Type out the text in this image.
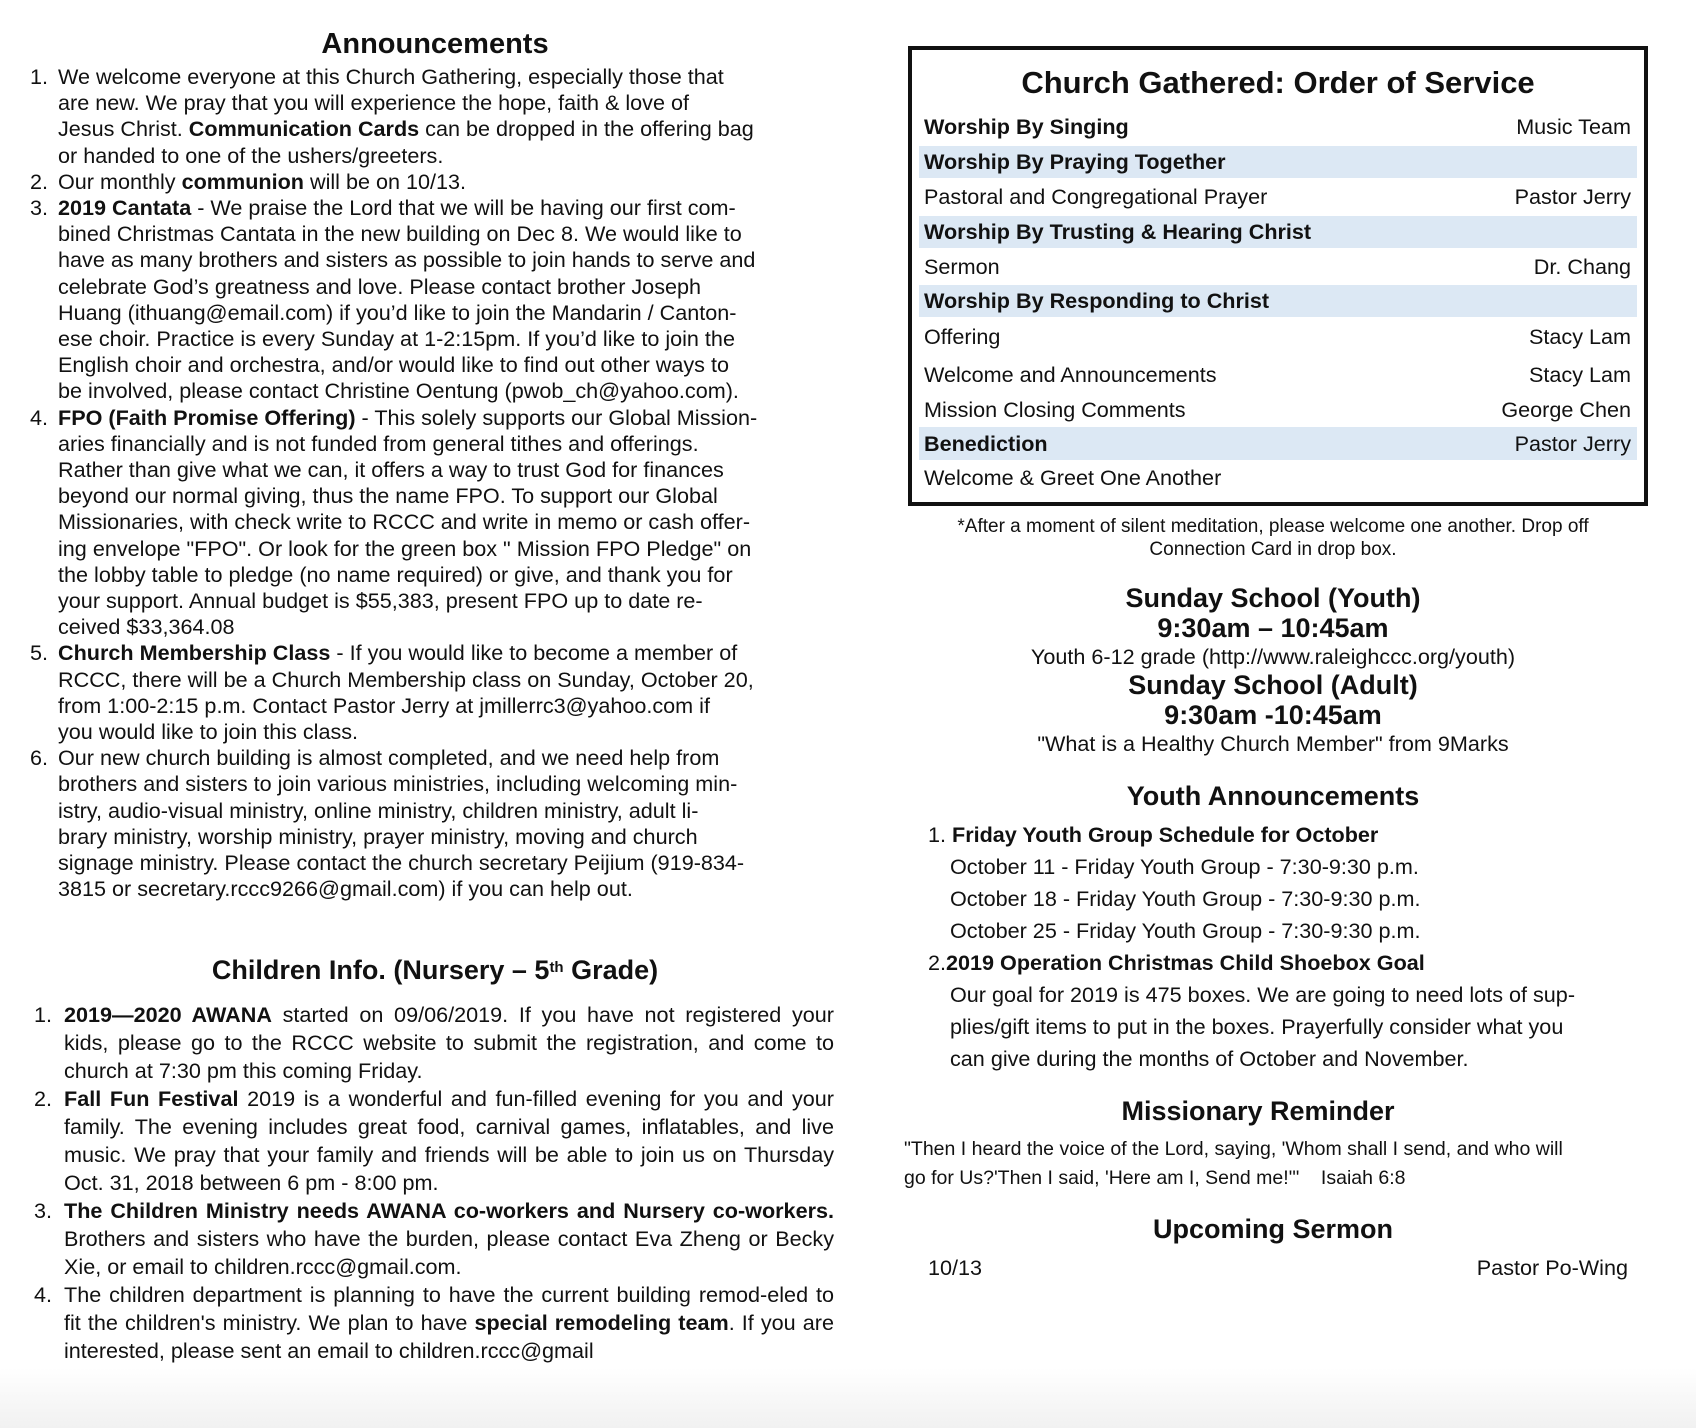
Announcements
1. We welcome everyone at this Church Gathering, especially those that
are new. We pray that you will experience the hope, faith & love of
Jesus Christ. Communication Cards can be dropped in the offering bag
or handed to one of the ushers/greeters.
2. Our monthly communion will be on 10/13.
3. 2019 Cantata - We praise the Lord that we will be having our first com-
bined Christmas Cantata in the new building on Dec 8. We would like to
have as many brothers and sisters as possible to join hands to serve and
celebrate God’s greatness and love. Please contact brother Joseph
Huang (ithuang@email.com) if you’d like to join the Mandarin / Canton-
ese choir. Practice is every Sunday at 1-2:15pm. If you’d like to join the
English choir and orchestra, and/or would like to find out other ways to
be involved, please contact Christine Oentung (pwob_ch@yahoo.com).
4. FPO (Faith Promise Offering) - This solely supports our Global Mission-
aries financially and is not funded from general tithes and offerings.
Rather than give what we can, it offers a way to trust God for finances
beyond our normal giving, thus the name FPO. To support our Global
Missionaries, with check write to RCCC and write in memo or cash offer-
ing envelope "FPO". Or look for the green box " Mission FPO Pledge" on
the lobby table to pledge (no name required) or give, and thank you for
your support. Annual budget is $55,383, present FPO up to date re-
ceived $33,364.08
5. Church Membership Class - If you would like to become a member of
RCCC, there will be a Church Membership class on Sunday, October 20,
from 1:00-2:15 p.m. Contact Pastor Jerry at jmillerrc3@yahoo.com if
you would like to join this class.
6. Our new church building is almost completed, and we need help from
brothers and sisters to join various ministries, including welcoming min-
istry, audio-visual ministry, online ministry, children ministry, adult li-
brary ministry, worship ministry, prayer ministry, moving and church
signage ministry. Please contact the church secretary Peijium (919-834-
3815 or secretary.rccc9266@gmail.com) if you can help out.
Children Info. (Nursery – 5th Grade)
1. 2019—2020 AWANA started on 09/06/2019. If you have not registered your kids, please go to the RCCC website to submit the registration, and come to church at 7:30 pm this coming Friday.
2. Fall Fun Festival 2019 is a wonderful and fun-filled evening for you and your family. The evening includes great food, carnival games, inflatables, and live music. We pray that your family and friends will be able to join us on Thursday Oct. 31, 2018 between 6 pm - 8:00 pm.
3. The Children Ministry needs AWANA co-workers and Nursery co-workers. Brothers and sisters who have the burden, please contact Eva Zheng or Becky Xie, or email to children.rccc@gmail.com.
4. The children department is planning to have the current building remod-eled to fit the children's ministry. We plan to have special remodeling team. If you are interested, please sent an email to children.rccc@gmail
Church Gathered: Order of Service
Worship By Singing	Music Team
Worship By Praying Together
Pastoral and Congregational Prayer	Pastor Jerry
Worship By Trusting & Hearing Christ
Sermon	Dr. Chang
Worship By Responding to Christ
Offering	Stacy Lam
Welcome and Announcements	Stacy Lam
Mission Closing Comments	George Chen
Benediction	Pastor Jerry
Welcome & Greet One Another

*After a moment of silent meditation, please welcome one another. Drop off Connection Card in drop box.

Sunday School (Youth)

9:30am – 10:45am

Youth 6-12 grade (http://www.raleighccc.org/youth)

Sunday School (Adult)

9:30am -10:45am

"What is a Healthy Church Member" from 9Marks

Youth Announcements

1. Friday Youth Group Schedule for October

October 11 - Friday Youth Group - 7:30-9:30 p.m.

October 18 - Friday Youth Group - 7:30-9:30 p.m.

October 25 - Friday Youth Group - 7:30-9:30 p.m.

2.2019 Operation Christmas Child Shoebox Goal

Our goal for 2019 is 475 boxes. We are going to need lots of sup-

plies/gift items to put in the boxes. Prayerfully consider what you

can give during the months of October and November.

Missionary Reminder

"Then I heard the voice of the Lord, saying, 'Whom shall I send, and who will
go for Us?'Then I said, 'Here am I, Send me!'"    Isaiah 6:8

Upcoming Sermon
10/13	Pastor Po-Wing
